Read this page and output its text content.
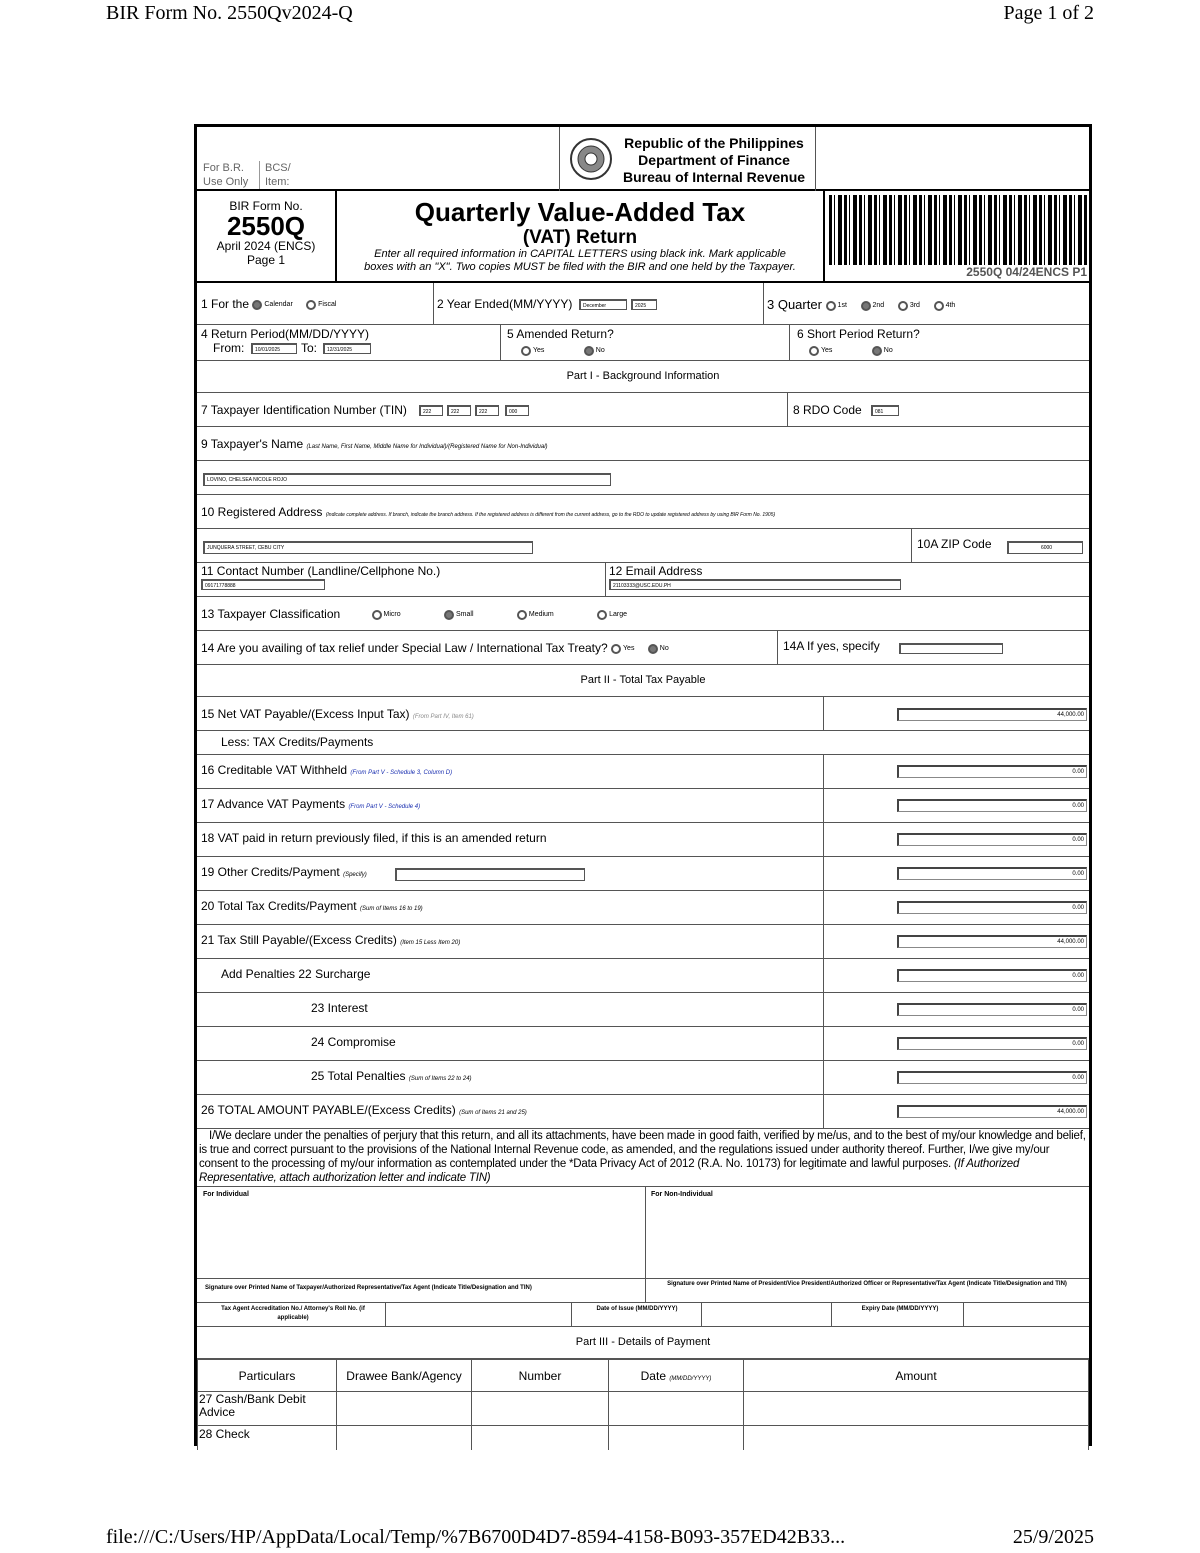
BIR Form No. 2550Qv2024-Q	Page 1 of 2
For B.R.
Use Only
BCS/
Item:
Republic of the Philippines
Department of Finance
Bureau of Internal Revenue
BIR Form No.
2550Q
April 2024 (ENCS)
Page 1
Quarterly Value-Added Tax
(VAT) Return
Enter all required information in CAPITAL LETTERS using black ink. Mark applicable
boxes with an "X". Two copies MUST be filed with the BIR and one held by the Taxpayer.	2550Q 04/24ENCS P1
1 For the Calendar	Fiscal	2 Year Ended(MM/YYYY)	December	2025	3 Quarter 1st	2nd	3rd	4th
4 Return Period(MM/DD/YYYY)
From:	10/01/2025	To:	12/31/2025
5 Amended Return?
Yes	No
6 Short Period Return?
Yes	No
Part I - Background Information
7 Taxpayer Identification Number (TIN)	222	222	222	000	8 RDO Code	081
9 Taxpayer's Name (Last Name, First Name, Middle Name for Individual)/(Registered Name for Non-Individual)
LOVINO, CHELSEA NICOLE ROJO
10 Registered Address (Indicate complete address. If branch, indicate the branch address. If the registered address is different from the current address, go to the RDO to update registered address by using BIR Form No. 1905)
JUNQUERA STREET, CEBU CITY	10A ZIP Code	6000
11 Contact Number (Landline/Cellphone No.)
09171778888
12 Email Address
21103333@USC.EDU.PH
13 Taxpayer Classification	Micro	Small	Medium	Large
14 Are you availing of tax relief under Special Law / International Tax Treaty? Yes	No	14A If yes, specify
Part II - Total Tax Payable
15 Net VAT Payable/(Excess Input Tax) (From Part IV, Item 61)	44,000.00
Less: TAX Credits/Payments
16 Creditable VAT Withheld (From Part V - Schedule 3, Column D)	0.00
17 Advance VAT Payments (From Part V - Schedule 4)	0.00
18 VAT paid in return previously filed, if this is an amended return	0.00
19 Other Credits/Payment (Specify)	0.00
20 Total Tax Credits/Payment (Sum of Items 16 to 19)	0.00
21 Tax Still Payable/(Excess Credits) (Item 15 Less Item 20)	44,000.00
Add Penalties 22 Surcharge	0.00
23 Interest	0.00
24 Compromise	0.00
25 Total Penalties (Sum of Items 22 to 24)	0.00
26 TOTAL AMOUNT PAYABLE/(Excess Credits) (Sum of Items 21 and 25)	44,000.00
I/We declare under the penalties of perjury that this return, and all its attachments, have been made in good faith, verified by me/us, and to the best of my/our knowledge and belief, is true and correct pursuant to the provisions of the National Internal Revenue code, as amended, and the regulations issued under authority thereof. Further, I/we give my/our consent to the processing of my/our information as contemplated under the *Data Privacy Act of 2012 (R.A. No. 10173) for legitimate and lawful purposes. (If Authorized Representative, attach authorization letter and indicate TIN)
For Individual	For Non-Individual
Signature over Printed Name of Taxpayer/Authorized Representative/Tax Agent (Indicate Title/Designation and TIN)
Signature over Printed Name of President/Vice President/Authorized Officer or Representative/Tax Agent (Indicate Title/Designation and TIN)
Tax Agent Accreditation No./ Attorney's Roll No. (if applicable)
Date of Issue (MM/DD/YYYY)	Expiry Date (MM/DD/YYYY)
Part III - Details of Payment
Particulars	Drawee Bank/Agency	Number	Date (MM/DD/YYYY)	Amount
27 Cash/Bank Debit Advice				
28 Check				
file:///C:/Users/HP/AppData/Local/Temp/%7B6700D4D7-8594-4158-B093-357ED42B33...	25/9/2025
